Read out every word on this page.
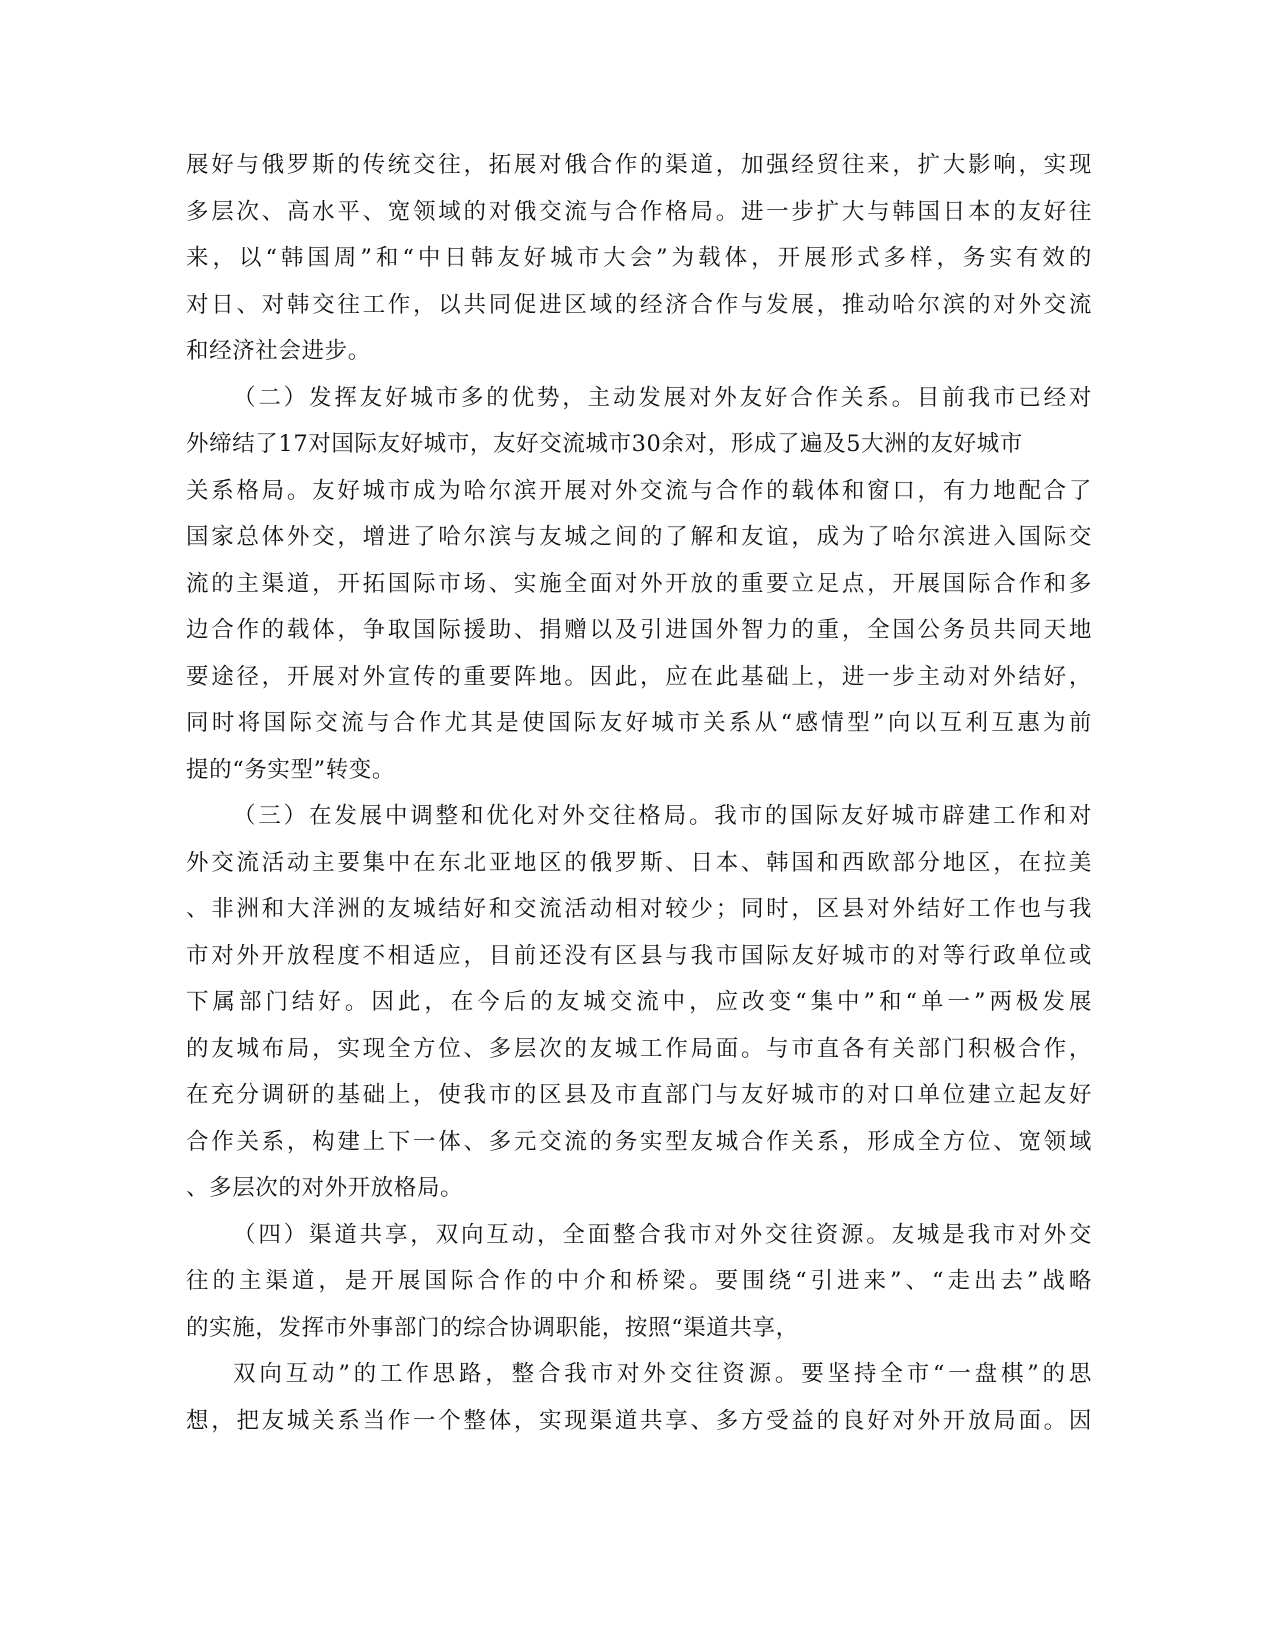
展好与俄罗斯的传统交往，拓展对俄合作的渠道，加强经贸往来，扩大影响，实现
多层次、高水平、宽领域的对俄交流与合作格局。进一步扩大与韩国日本的友好往
来，以“韩国周”和“中日韩友好城市大会”为载体，开展形式多样，务实有效的
对日、对韩交往工作，以共同促进区域的经济合作与发展，推动哈尔滨的对外交流
和经济社会进步。
（二）发挥友好城市多的优势，主动发展对外友好合作关系。目前我市已经对
外缔结了17对国际友好城市，友好交流城市30余对，形成了遍及5大洲的友好城市
关系格局。友好城市成为哈尔滨开展对外交流与合作的载体和窗口，有力地配合了
国家总体外交，增进了哈尔滨与友城之间的了解和友谊，成为了哈尔滨进入国际交
流的主渠道，开拓国际市场、实施全面对外开放的重要立足点，开展国际合作和多
边合作的载体，争取国际援助、捐赠以及引进国外智力的重，全国公务员共同天地
要途径，开展对外宣传的重要阵地。因此，应在此基础上，进一步主动对外结好，
同时将国际交流与合作尤其是使国际友好城市关系从“感情型”向以互利互惠为前
提的“务实型”转变。
（三）在发展中调整和优化对外交往格局。我市的国际友好城市辟建工作和对
外交流活动主要集中在东北亚地区的俄罗斯、日本、韩国和西欧部分地区，在拉美
、非洲和大洋洲的友城结好和交流活动相对较少；同时，区县对外结好工作也与我
市对外开放程度不相适应，目前还没有区县与我市国际友好城市的对等行政单位或
下属部门结好。因此，在今后的友城交流中，应改变“集中”和“单一”两极发展
的友城布局，实现全方位、多层次的友城工作局面。与市直各有关部门积极合作，
在充分调研的基础上，使我市的区县及市直部门与友好城市的对口单位建立起友好
合作关系，构建上下一体、多元交流的务实型友城合作关系，形成全方位、宽领域
、多层次的对外开放格局。
（四）渠道共享，双向互动，全面整合我市对外交往资源。友城是我市对外交
往的主渠道，是开展国际合作的中介和桥梁。要围绕“引进来”、“走出去”战略
的实施，发挥市外事部门的综合协调职能，按照“渠道共享，
双向互动”的工作思路，整合我市对外交往资源。要坚持全市“一盘棋”的思
想，把友城关系当作一个整体，实现渠道共享、多方受益的良好对外开放局面。因
